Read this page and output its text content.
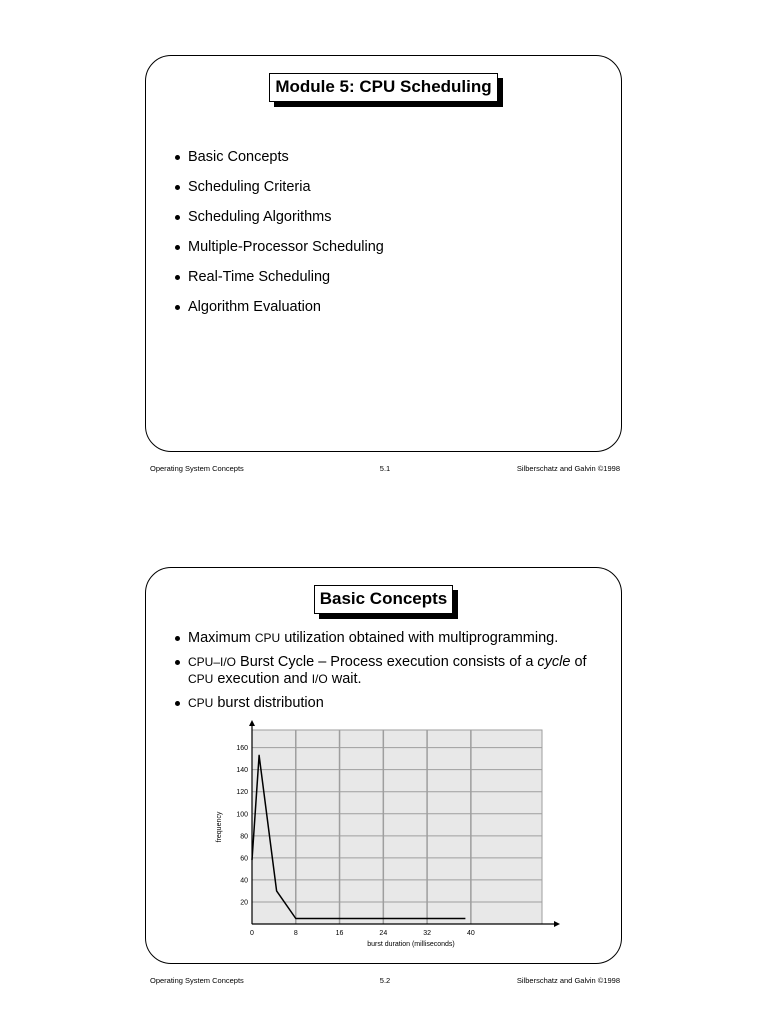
Module 5: CPU Scheduling
Basic Concepts
Scheduling Criteria
Scheduling Algorithms
Multiple-Processor Scheduling
Real-Time Scheduling
Algorithm Evaluation
Operating System Concepts	5.1	Silberschatz and Galvin ©1998
Basic Concepts
Maximum CPU utilization obtained with multiprogramming.
CPU–I/O Burst Cycle – Process execution consists of a cycle of
CPU execution and I/O wait.
CPU burst distribution
0	8	16	24	32	40
20
40
60
80
100
120
140
160
burst duration (milliseconds)
frequency
Operating System Concepts	5.2	Silberschatz and Galvin ©1998
